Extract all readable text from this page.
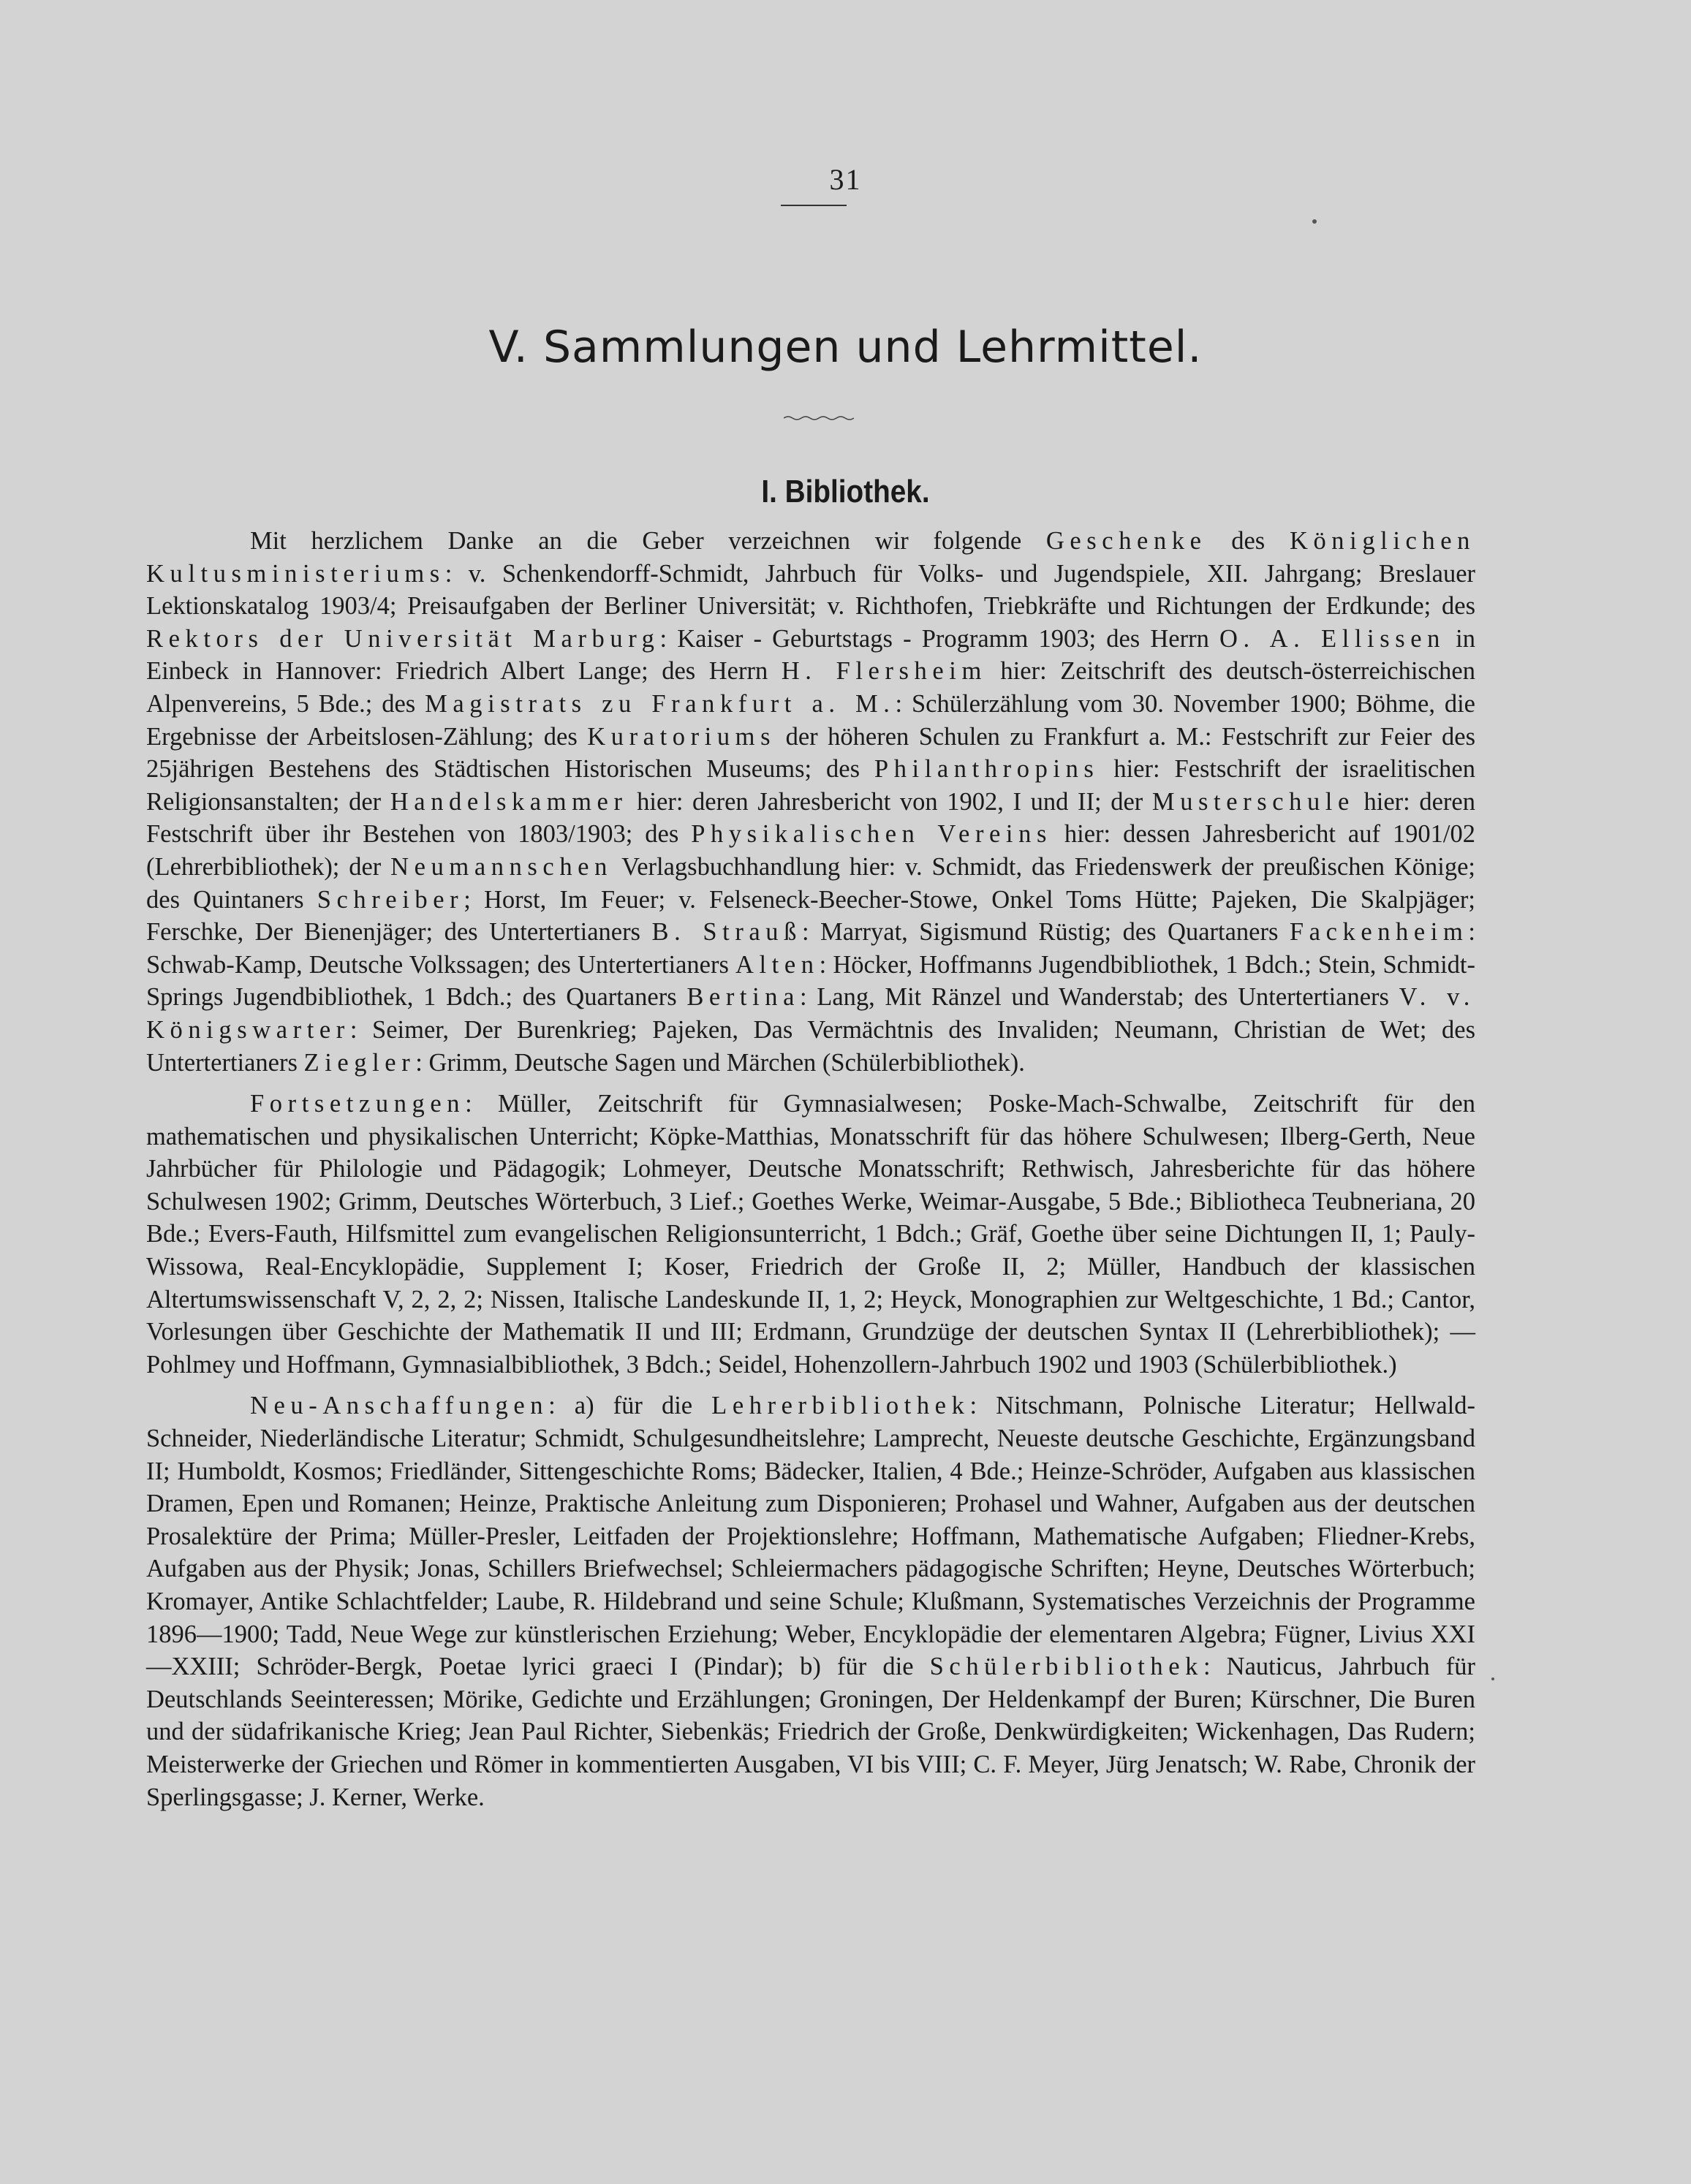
31
V. Sammlungen und Lehrmittel.
I. Bibliothek.

Mit herzlichem Danke an die Geber verzeichnen wir folgende Geschenke des Königlichen Kultusministeriums: v. Schenkendorff-Schmidt, Jahrbuch für Volks- und Jugendspiele, XII. Jahrgang; Breslauer Lektionskatalog 1903/4; Preisaufgaben der Berliner Universität; v. Richthofen, Triebkräfte und Richtungen der Erdkunde; des Rektors der Universität Marburg: Kaiser - Geburtstags - Programm 1903; des Herrn O. A. Ellissen in Einbeck in Hannover: Friedrich Albert Lange; des Herrn H. Flersheim hier: Zeitschrift des deutsch-österreichischen Alpenvereins, 5 Bde.; des Magistrats zu Frankfurt a. M.: Schülerzählung vom 30. November 1900; Böhme, die Ergebnisse der Arbeitslosen-Zählung; des Kuratoriums der höheren Schulen zu Frankfurt a. M.: Festschrift zur Feier des 25jährigen Bestehens des Städtischen Historischen Museums; des Philanthropins hier: Festschrift der israelitischen Religionsanstalten; der Handelskammer hier: deren Jahresbericht von 1902, I und II; der Musterschule hier: deren Festschrift über ihr Bestehen von 1803/1903; des Physikalischen Vereins hier: dessen Jahresbericht auf 1901/02 (Lehrerbibliothek); der Neumannschen Verlagsbuchhandlung hier: v. Schmidt, das Friedenswerk der preußischen Könige; des Quintaners Schreiber; Horst, Im Feuer; v. Felseneck-Beecher-Stowe, Onkel Toms Hütte; Pajeken, Die Skalpjäger; Ferschke, Der Bienenjäger; des Untertertianers B. Strauß: Marryat, Sigismund Rüstig; des Quartaners Fackenheim: Schwab-Kamp, Deutsche Volkssagen; des Untertertianers Alten: Höcker, Hoffmanns Jugendbibliothek, 1 Bdch.; Stein, Schmidt-Springs Jugendbibliothek, 1 Bdch.; des Quartaners Bertina: Lang, Mit Ränzel und Wanderstab; des Untertertianers V. v. Königswarter: Seimer, Der Burenkrieg; Pajeken, Das Vermächtnis des Invaliden; Neumann, Christian de Wet; des Untertertianers Ziegler: Grimm, Deutsche Sagen und Märchen (Schülerbibliothek).

Fortsetzungen: Müller, Zeitschrift für Gymnasialwesen; Poske-Mach-Schwalbe, Zeitschrift für den mathematischen und physikalischen Unterricht; Köpke-Matthias, Monatsschrift für das höhere Schulwesen; Ilberg-Gerth, Neue Jahrbücher für Philologie und Pädagogik; Lohmeyer, Deutsche Monatsschrift; Rethwisch, Jahresberichte für das höhere Schulwesen 1902; Grimm, Deutsches Wörterbuch, 3 Lief.; Goethes Werke, Weimar-Ausgabe, 5 Bde.; Bibliotheca Teubneriana, 20 Bde.; Evers-Fauth, Hilfsmittel zum evangelischen Religionsunterricht, 1 Bdch.; Gräf, Goethe über seine Dichtungen II, 1; Pauly-Wissowa, Real-Encyklopädie, Supplement I; Koser, Friedrich der Große II, 2; Müller, Handbuch der klassischen Altertumswissenschaft V, 2, 2, 2; Nissen, Italische Landeskunde II, 1, 2; Heyck, Monographien zur Weltgeschichte, 1 Bd.; Cantor, Vorlesungen über Geschichte der Mathematik II und III; Erdmann, Grundzüge der deutschen Syntax II (Lehrerbibliothek); — Pohlmey und Hoffmann, Gymnasialbibliothek, 3 Bdch.; Seidel, Hohenzollern-Jahrbuch 1902 und 1903 (Schülerbibliothek.)

Neu-Anschaffungen: a) für die Lehrerbibliothek: Nitschmann, Polnische Literatur; Hellwald-Schneider, Niederländische Literatur; Schmidt, Schulgesundheitslehre; Lamprecht, Neueste deutsche Geschichte, Ergänzungsband II; Humboldt, Kosmos; Friedländer, Sittengeschichte Roms; Bädecker, Italien, 4 Bde.; Heinze-Schröder, Aufgaben aus klassischen Dramen, Epen und Romanen; Heinze, Praktische Anleitung zum Disponieren; Prohasel und Wahner, Aufgaben aus der deutschen Prosalektüre der Prima; Müller-Presler, Leitfaden der Projektionslehre; Hoffmann, Mathematische Aufgaben; Fliedner-Krebs, Aufgaben aus der Physik; Jonas, Schillers Briefwechsel; Schleiermachers pädagogische Schriften; Heyne, Deutsches Wörterbuch; Kromayer, Antike Schlachtfelder; Laube, R. Hildebrand und seine Schule; Klußmann, Systematisches Verzeichnis der Programme 1896—1900; Tadd, Neue Wege zur künstlerischen Erziehung; Weber, Encyklopädie der elementaren Algebra; Fügner, Livius XXI—XXIII; Schröder-Bergk, Poetae lyrici graeci I (Pindar); b) für die Schülerbibliothek: Nauticus, Jahrbuch für Deutschlands Seeinteressen; Mörike, Gedichte und Erzählungen; Groningen, Der Heldenkampf der Buren; Kürschner, Die Buren und der südafrikanische Krieg; Jean Paul Richter, Siebenkäs; Friedrich der Große, Denkwürdigkeiten; Wickenhagen, Das Rudern; Meisterwerke der Griechen und Römer in kommentierten Ausgaben, VI bis VIII; C. F. Meyer, Jürg Jenatsch; W. Rabe, Chronik der Sperlingsgasse; J. Kerner, Werke.
